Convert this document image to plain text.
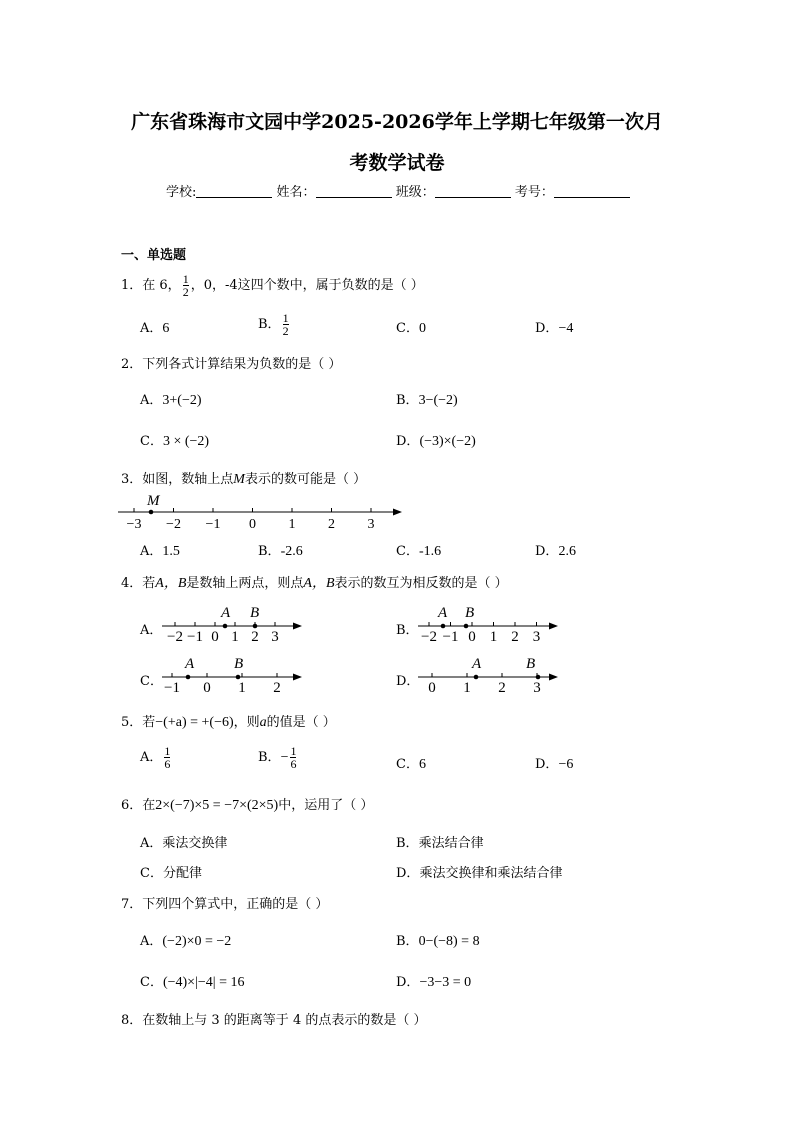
广东省珠海市文园中学2025-2026学年上学期七年级第一次月
考数学试卷
学校:	姓名：	班级：	考号：
一、单选题
1．在 6， $\frac{1}{2}$ ，0，-4这四个数中，属于负数的是（ ）
A．6	B． $\frac{1}{2}$	C．0	D．−4
2．下列各式计算结果为负数的是（ ）
A．3+(−2)	B．3−(−2)
C．3 × (−2)	D．(−3)×(−2)
3．如图，数轴上点M表示的数可能是（ ）
−3 −2 −1 0 1 2 3
M
A．1.5	B．-2.6	C．-1.6	D．2.6
4．若A，B是数轴上两点，则点A，B表示的数互为相反数的是（ ）
A． −2 −1 0 1 2 3
A B
B． −2 −1 0 1 2 3
A B
C． −1 0 1 2
A	B
D． 0 1 2 3
A	B
5．若−(+a) = +(−6)，则a的值是（ ）
A． $\frac{1}{6}$	B．− $\frac{1}{6}$	C．6	D．−6
6．在2×(−7)×5 = −7×(2×5)中，运用了（ ）
A．乘法交换律	B．乘法结合律
C．分配律	D．乘法交换律和乘法结合律
7．下列四个算式中，正确的是（ ）
A．(−2)×0 = −2	B．0−(−8) = 8
C．(−4)×|−4| = 16	D．−3−3 = 0
8．在数轴上与 3 的距离等于 4 的点表示的数是（ ）
